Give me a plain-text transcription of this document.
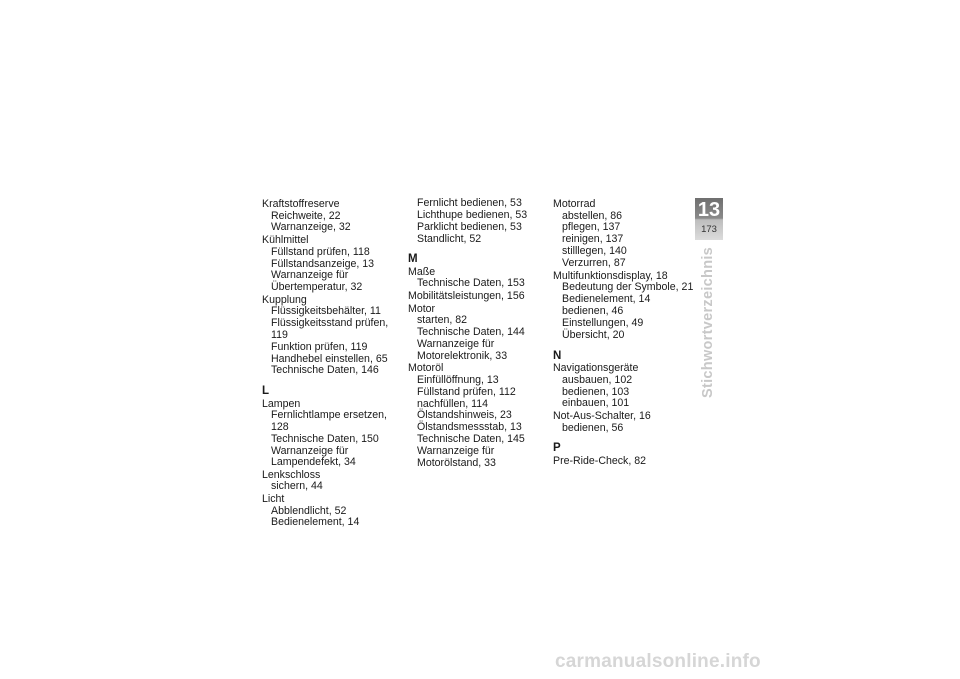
Kraftstoffreserve
Reichweite, 22
Warnanzeige, 32
Kühlmittel
Füllstand prüfen, 118
Füllstandsanzeige, 13
Warnanzeige für
Übertemperatur, 32
Kupplung
Flüssigkeitsbehälter, 11
Flüssigkeitsstand prüfen, 119
Funktion prüfen, 119
Handhebel einstellen, 65
Technische Daten, 146
L
Lampen
Fernlichtlampe ersetzen, 128
Technische Daten, 150
Warnanzeige für
Lampendefekt, 34
Lenkschloss
sichern, 44
Licht
Abblendlicht, 52
Bedienelement, 14
Fernlicht bedienen, 53
Lichthupe bedienen, 53
Parklicht bedienen, 53
Standlicht, 52
M
Maße
Technische Daten, 153
Mobilitätsleistungen, 156
Motor
starten, 82
Technische Daten, 144
Warnanzeige für
Motorelektronik, 33
Motoröl
Einfüllöffnung, 13
Füllstand prüfen, 112
nachfüllen, 114
Ölstandshinweis, 23
Ölstandsmessstab, 13
Technische Daten, 145
Warnanzeige für
Motorölstand, 33
Motorrad
abstellen, 86
pflegen, 137
reinigen, 137
stilllegen, 140
Verzurren, 87
Multifunktionsdisplay, 18
Bedeutung der Symbole, 21
Bedienelement, 14
bedienen, 46
Einstellungen, 49
Übersicht, 20
N
Navigationsgeräte
ausbauen, 102
bedienen, 103
einbauen, 101
Not-Aus-Schalter, 16
bedienen, 56
P
Pre-Ride-Check, 82
13
173
Stichwortverzeichnis
carmanualsonline.info
